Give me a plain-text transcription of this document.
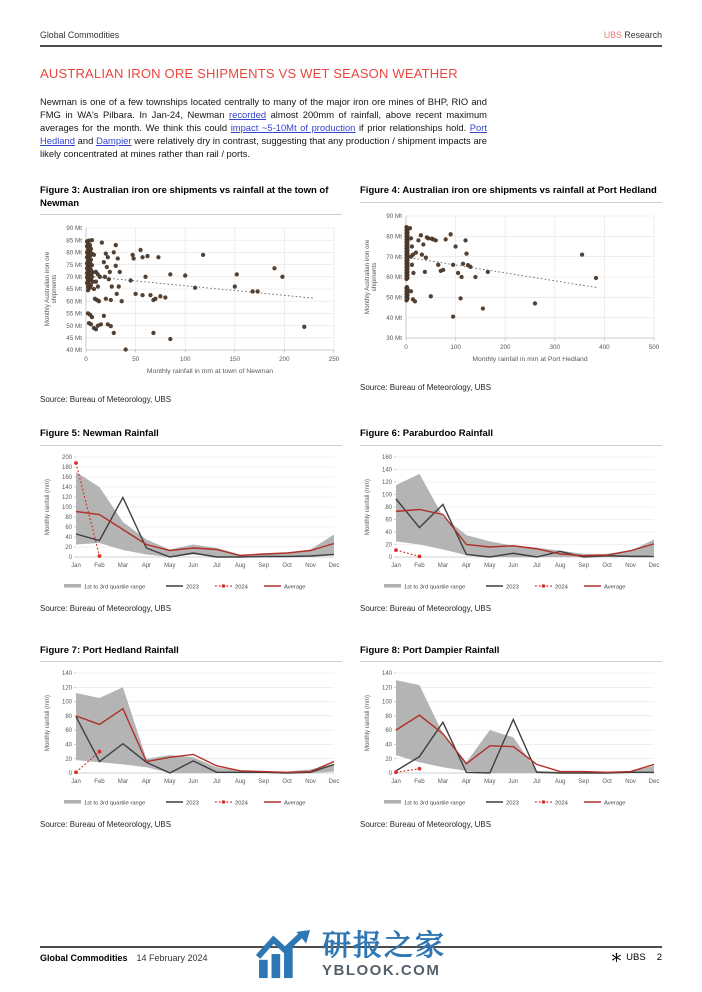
Global Commodities	UBS Research
AUSTRALIAN IRON ORE SHIPMENTS VS WET SEASON WEATHER
Newman is one of a few townships located centrally to many of the major iron ore mines of BHP, RIO and FMG in WA's Pilbara. In Jan-24, Newman recorded almost 200mm of rainfall, above recent maximum averages for the month. We think this could impact ~5-10Mt of production if prior relationships hold. Port Hedland and Dampier were relatively dry in contrast, suggesting that any production / shipment impacts are likely concentrated at mines rather than rail / ports.
Figure 3: Australian iron ore shipments vs rainfall at the town of Newman
40 Mt
45 Mt
50 Mt
55 Mt
60 Mt
65 Mt
70 Mt
75 Mt
80 Mt
85 Mt
90 Mt
0	50	100	150	200	250
Monthly rainfall in mm at town of Newman
Monthly Australian iron oreshipments
Source: Bureau of Meteorology, UBS
Figure 4: Australian iron ore shipments vs rainfall at Port Hedland
30 Mt
40 Mt
50 Mt
60 Mt
70 Mt
80 Mt
90 Mt
0	100	200	300	400	500
Monthly rainfall in mm at Port Hedland
Monthly Australian iron oreshipments
Source: Bureau of Meteorology, UBS
Figure 5: Newman Rainfall
0
20
40
60
80
100
120
140
160
180
200
Jan Feb Mar Apr May Jun Jul Aug Sep Oct Nov Dec
Monthly rainfall (mm)
1st to 3rd quartile range	2023	2024	Average
Source: Bureau of Meteorology, UBS
Figure 6: Paraburdoo Rainfall
0
20
40
60
80
100
120
140
160
Jan Feb Mar Apr May Jun Jul Aug Sep Oct Nov Dec
Monthly rainfall (mm)
1st to 3rd quartile range	2023	2024	Average
Source: Bureau of Meteorology, UBS
Figure 7: Port Hedland Rainfall
0
20
40
60
80
100
120
140
Jan Feb Mar Apr May Jun Jul Aug Sep Oct Nov Dec
Monthly rainfall (mm)
1st to 3rd quartile range	2023	2024	Average
Source: Bureau of Meteorology, UBS
Figure 8: Port Dampier Rainfall
0
20
40
60
80
100
120
140
Jan Feb Mar Apr May Jun Jul Aug Sep Oct Nov Dec
Monthly rainfall (mm)
1st to 3rd quartile range	2023	2024	Average
Source: Bureau of Meteorology, UBS
Global Commodities 14 February 2024	UBS 2
研报之家
YBLOOK.COM
